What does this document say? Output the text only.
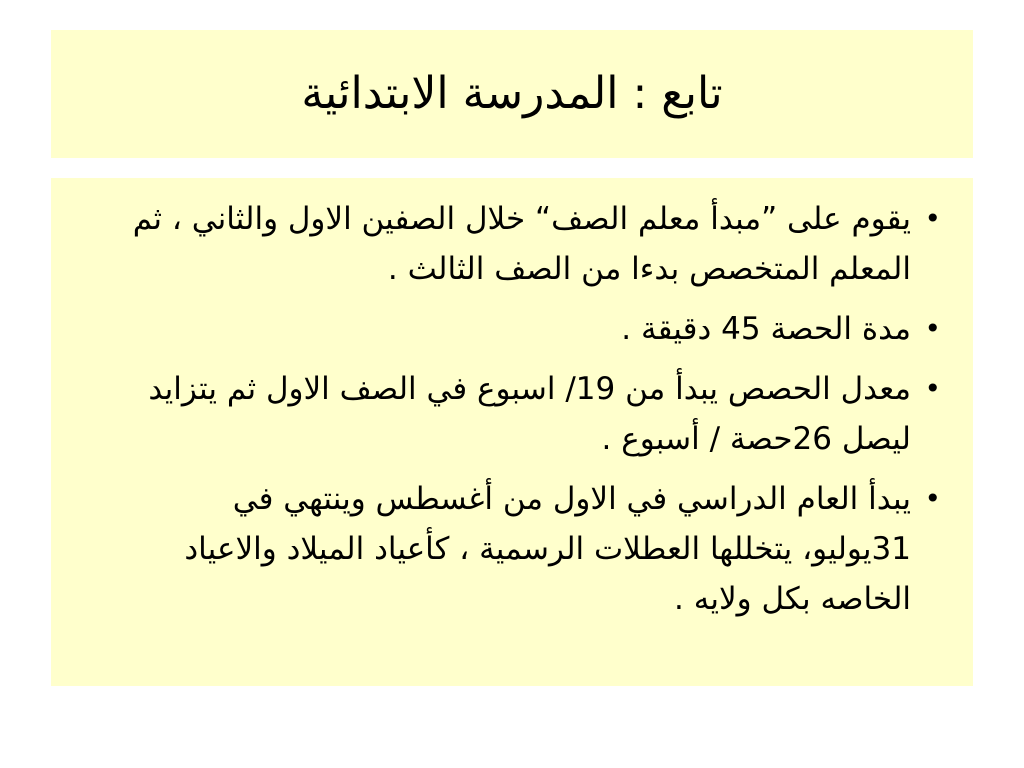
تابع : المدرسة الابتدائية
•
يقوم على ”مبدأ معلم الصف“ خلال الصفين الاول والثاني ، ثم المعلم المتخصص بدءا من الصف الثالث .
•
مدة الحصة 45 دقيقة .
•
معدل الحصص يبدأ من 19/ اسبوع في الصف الاول ثم يتزايد ليصل 26حصة / أسبوع .
•
يبدأ العام الدراسي في الاول من أغسطس وينتهي في 31يوليو، يتخللها العطلات الرسمية ، كأعياد الميلاد والاعياد الخاصه بكل ولايه .
